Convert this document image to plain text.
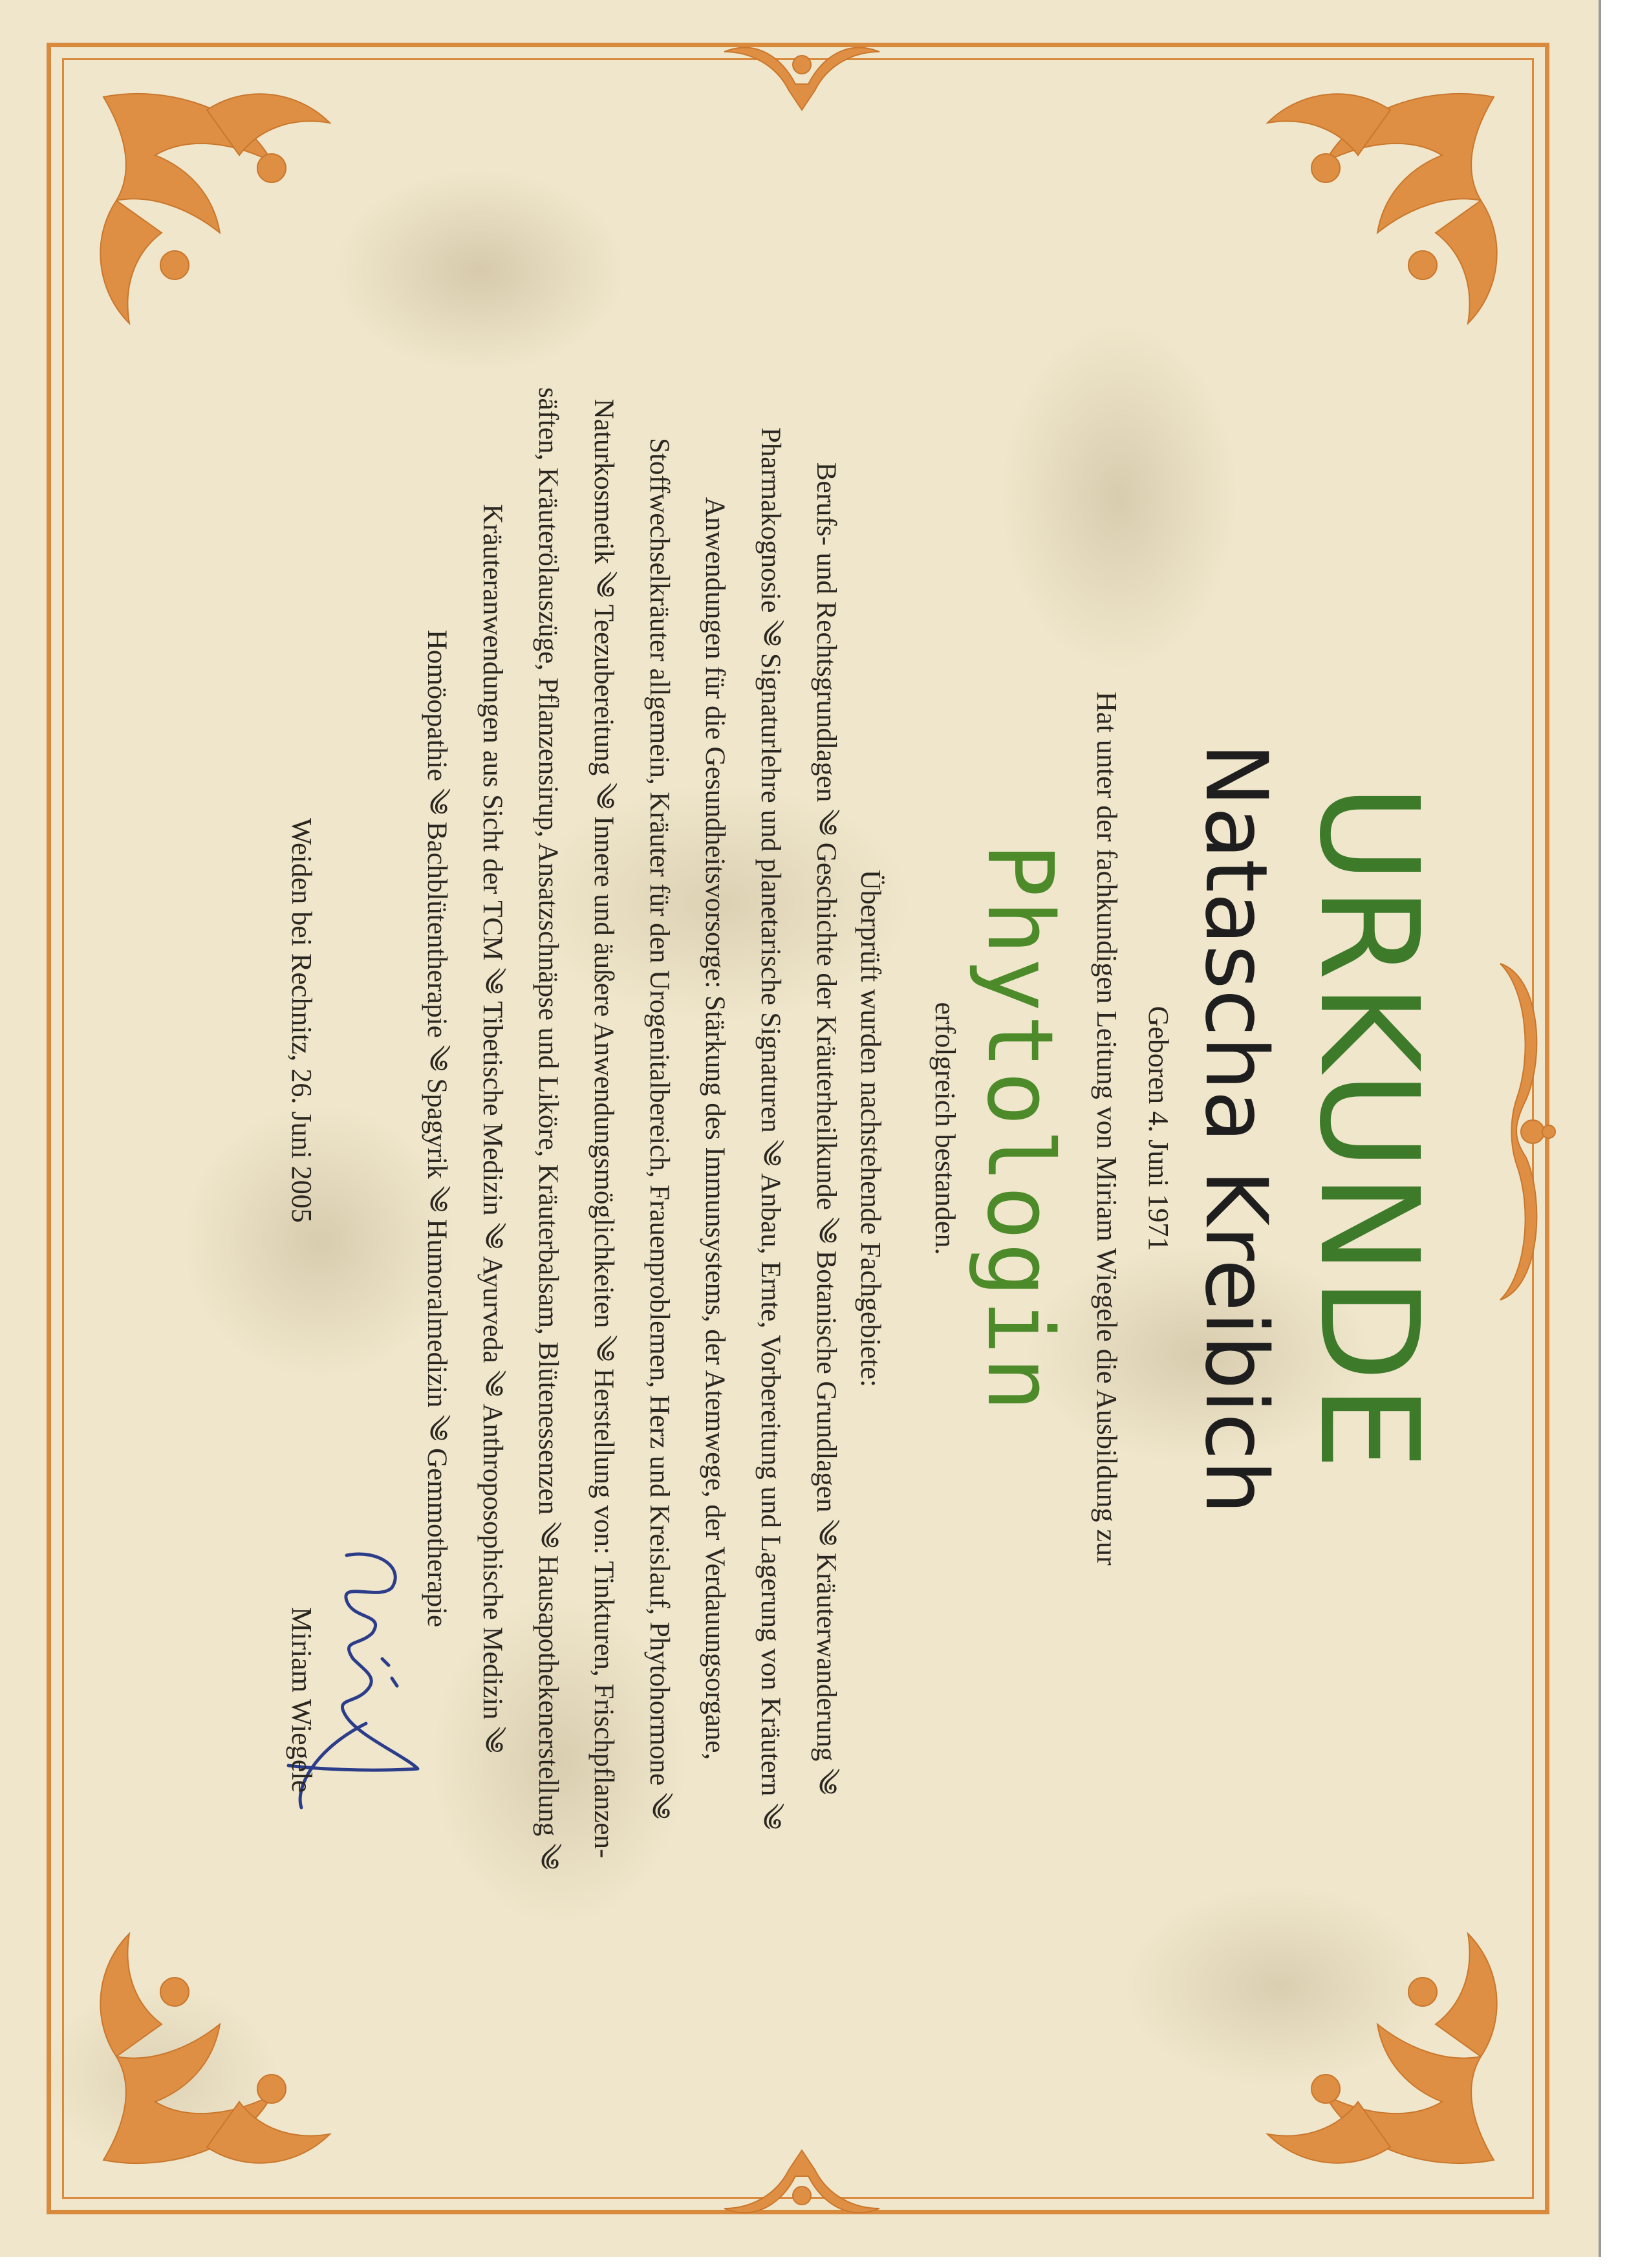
URKUNDE
Natascha Kreibich
Geboren 4. Juni 1971
Hat unter der fachkundigen Leitung von Miriam Wiegele die Ausbildung zur
Phytologin
erfolgreich bestanden.
Überprüft wurden nachstehende Fachgebiete:
Berufs- und Rechtsgrundlagen ༄ Geschichte der Kräuterheilkunde ༄ Botanische Grundlagen ༄ Kräuterwanderung ༄
Pharmakognosie ༄ Signaturlehre und planetarische Signaturen ༄ Anbau, Ernte, Vorbereitung und Lagerung von Kräutern ༄
Anwendungen für die Gesundheitsvorsorge: Stärkung des Immunsystems, der Atemwege, der Verdauungsorgane,
Stoffwechselkräuter allgemein, Kräuter für den Urogenitalbereich, Frauenproblemen, Herz und Kreislauf, Phytohormone ༄
Naturkosmetik ༄ Teezubereitung ༄ Innere und äußere Anwendungsmöglichkeiten ༄ Herstellung von: Tinkturen, Frischpflanzen-
säften, Kräuterölauszüge, Pflanzensirup, Ansatzschnäpse und Liköre, Kräuterbalsam, Blütenessenzen ༄ Hausapothekenerstellung ༄
Kräuteranwendungen aus Sicht der TCM ༄ Tibetische Medizin ༄ Ayurveda ༄ Anthroposophische Medizin ༄
Homöopathie ༄ Bachblütentherapie ༄ Spagyrik ༄ Humoralmedizin ༄ Gemmotherapie
Weiden bei Rechnitz, 26. Juni 2005
Miriam Wiegele
